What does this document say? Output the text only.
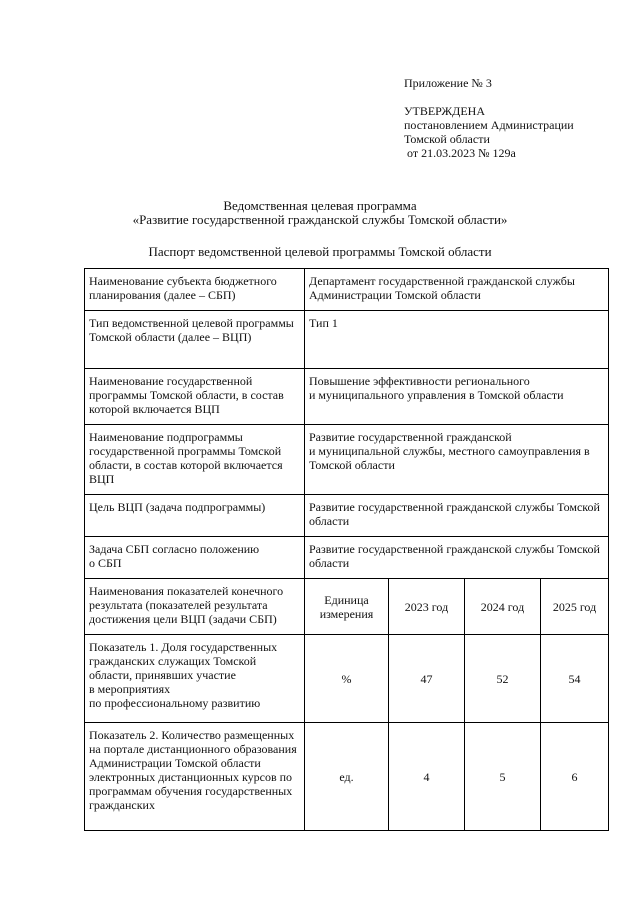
Приложение № 3
УТВЕРЖДЕНА
постановлением Администрации
Томской области
от 21.03.2023 № 129а
Ведомственная целевая программа
«Развитие государственной гражданской службы Томской области»
Паспорт ведомственной целевой программы Томской области
Наименование субъекта бюджетного планирования (далее – СБП)	Департамент государственной гражданской службы Администрации Томской области			
Тип ведомственной целевой программы Томской области (далее – ВЦП)	Тип 1			
Наименование государственной программы Томской области, в состав которой включается ВЦП	Повышение эффективности регионального
и муниципального управления в Томской области			
Наименование подпрограммы государственной программы Томской области, в состав которой включается ВЦП	Развитие государственной гражданской
и муниципальной службы, местного самоуправления в Томской области			
Цель ВЦП (задача подпрограммы)	Развитие государственной гражданской службы Томской области			
Задача СБП согласно положению
о СБП	Развитие государственной гражданской службы Томской области			
Наименования показателей конечного результата (показателей результата достижения цели ВЦП (задачи СБП)	Единица измерения	2023 год	2024 год	2025 год
Показатель 1. Доля государственных гражданских служащих Томской области, принявших участие
в мероприятиях
по профессиональному развитию	%	47	52	54
Показатель 2. Количество размещенных на портале дистанционного образования Администрации Томской области электронных дистанционных курсов по программам обучения государственных гражданских	ед.	4	5	6
